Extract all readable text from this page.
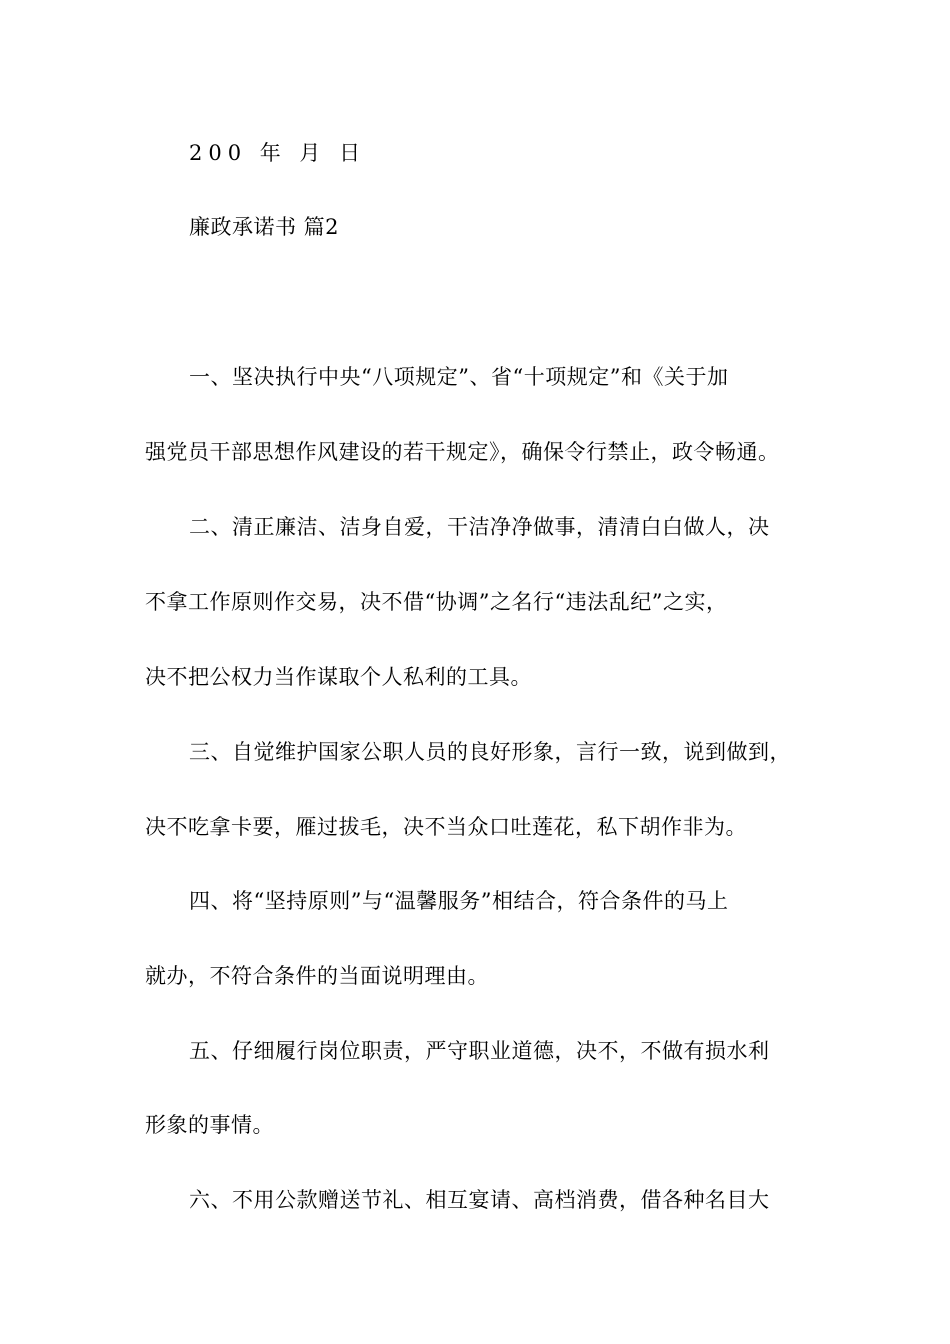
200 年 月 日
廉政承诺书 篇2
一、坚决执行中央“八项规定”、省“十项规定”和《关于加
强党员干部思想作风建设的若干规定》，确保令行禁止，政令畅通。
二、清正廉洁、洁身自爱，干洁净净做事，清清白白做人，决
不拿工作原则作交易，决不借“协调”之名行“违法乱纪”之实，
决不把公权力当作谋取个人私利的工具。
三、自觉维护国家公职人员的良好形象，言行一致，说到做到，
决不吃拿卡要，雁过拔毛，决不当众口吐莲花，私下胡作非为。
四、将“坚持原则”与“温馨服务”相结合，符合条件的马上
就办，不符合条件的当面说明理由。
五、仔细履行岗位职责，严守职业道德，决不，不做有损水利
形象的事情。
六、不用公款赠送节礼、相互宴请、高档消费，借各种名目大
